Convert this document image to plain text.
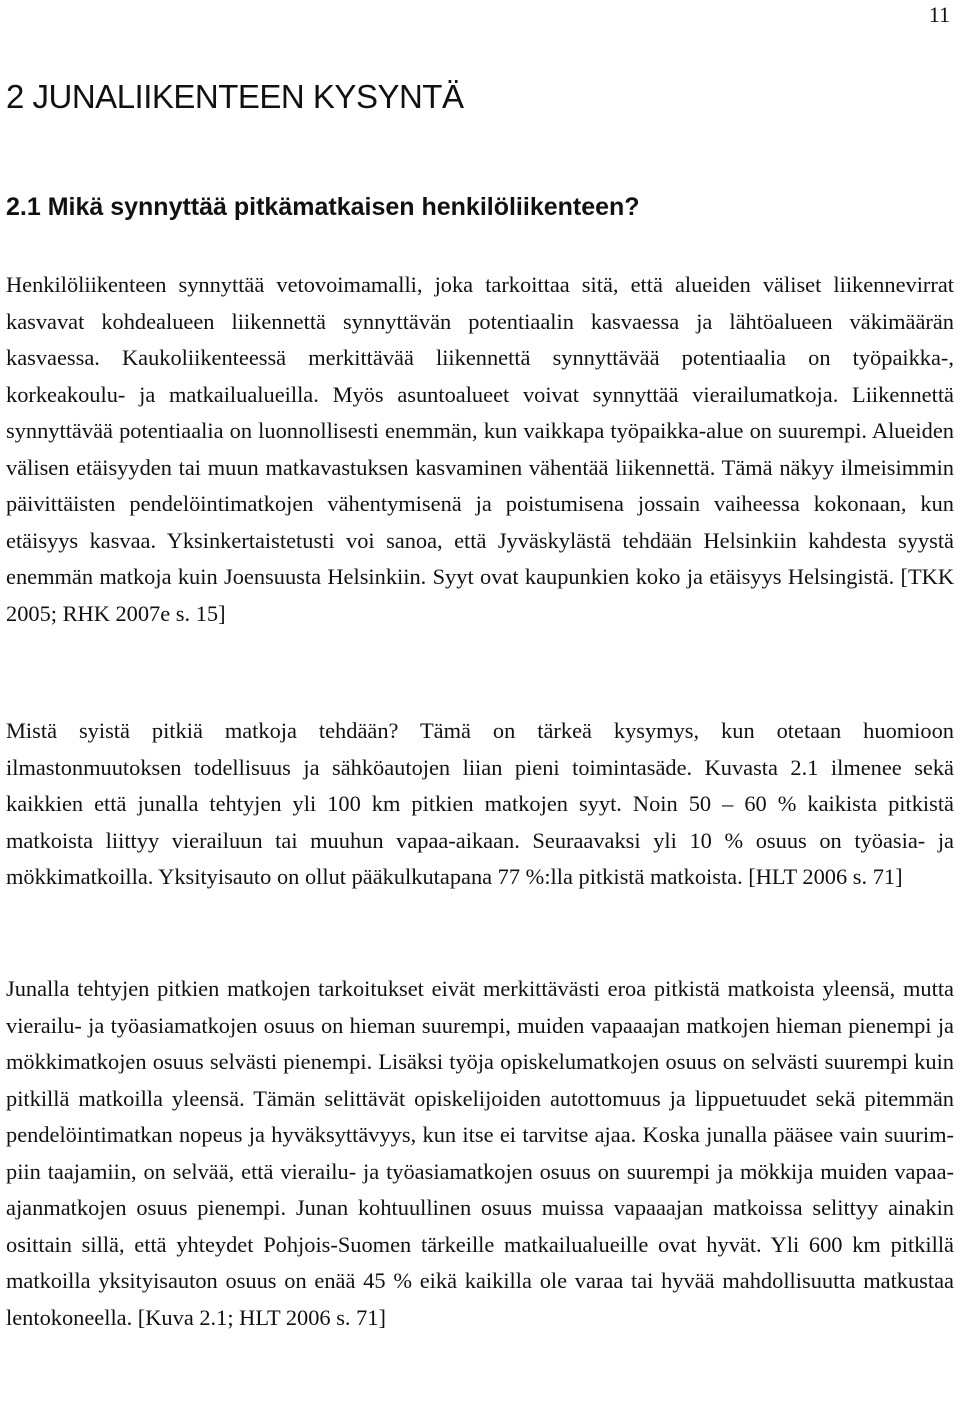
11
2 JUNALIIKENTEEN KYSYNTÄ
2.1 Mikä synnyttää pitkämatkaisen henkilöliikenteen?

Henkilöliikenteen synnyttää vetovoimamalli, joka tarkoittaa sitä, että alueiden väliset liikennevirrat kasvavat kohdealueen liikennettä synnyttävän potentiaalin kasvaessa ja lähtöalueen väkimäärän kasvaessa. Kaukoliikenteessä merkittävää liikennettä synnyttävää potentiaalia on työpaikka-, korkeakoulu- ja matkailualueilla. Myös asuntoalueet voivat synnyttää vierailumatkoja. Liikennettä synnyttävää potentiaalia on luonnollisesti enemmän, kun vaikkapa työpaikka-alue on suurempi. Alueiden välisen etäisyyden tai muun matkavastuksen kasvaminen vähentää liikennettä. Tämä näkyy ilmeisimmin päivittäisten pendelöintimatkojen vähentymisenä ja poistumisena jossain vaiheessa kokonaan, kun etäisyys kasvaa. Yksinkertaistetusti voi sanoa, että Jyväskylästä tehdään Helsinkiin kahdesta syystä enemmän matkoja kuin Joensuusta Helsinkiin. Syyt ovat kaupunkien koko ja etäisyys Helsingistä. [TKK 2005; RHK 2007e s. 15]

Mistä syistä pitkiä matkoja tehdään? Tämä on tärkeä kysymys, kun otetaan huomioon ilmastonmuutoksen todellisuus ja sähköautojen liian pieni toimintasäde. Kuvasta 2.1 ilmenee sekä kaikkien että junalla tehtyjen yli 100 km pitkien matkojen syyt. Noin 50 – 60 % kaikista pitkistä matkoista liittyy vierailuun tai muuhun vapaa-aikaan. Seuraavaksi yli 10 % osuus on työasia- ja mökkimatkoilla. Yksityisauto on ollut pääkulkutapana 77 %:lla pitkistä matkoista. [HLT 2006 s. 71]

Junalla tehtyjen pitkien matkojen tarkoitukset eivät merkittävästi eroa pitkistä matkoista yleensä, mutta vierailu- ja työasiamatkojen osuus on hieman suurempi, muiden vapaaajan matkojen hieman pienempi ja mökkimatkojen osuus selvästi pienempi. Lisäksi työja opiskelumatkojen osuus on selvästi suurempi kuin pitkillä matkoilla yleensä. Tämän selittävät opiskelijoiden autottomuus ja lippuetuudet sekä pitemmän pendelöintimatkan nopeus ja hyväksyttävyys, kun itse ei tarvitse ajaa. Koska junalla pääsee vain suurimpiin taajamiin, on selvää, että vierailu- ja työasiamatkojen osuus on suurempi ja mökkija muiden vapaa-ajanmatkojen osuus pienempi. Junan kohtuullinen osuus muissa vapaaajan matkoissa selittyy ainakin osittain sillä, että yhteydet Pohjois-Suomen tärkeille matkailualueille ovat hyvät. Yli 600 km pitkillä matkoilla yksityisauton osuus on enää 45 % eikä kaikilla ole varaa tai hyvää mahdollisuutta matkustaa lentokoneella. [Kuva 2.1; HLT 2006 s. 71]
